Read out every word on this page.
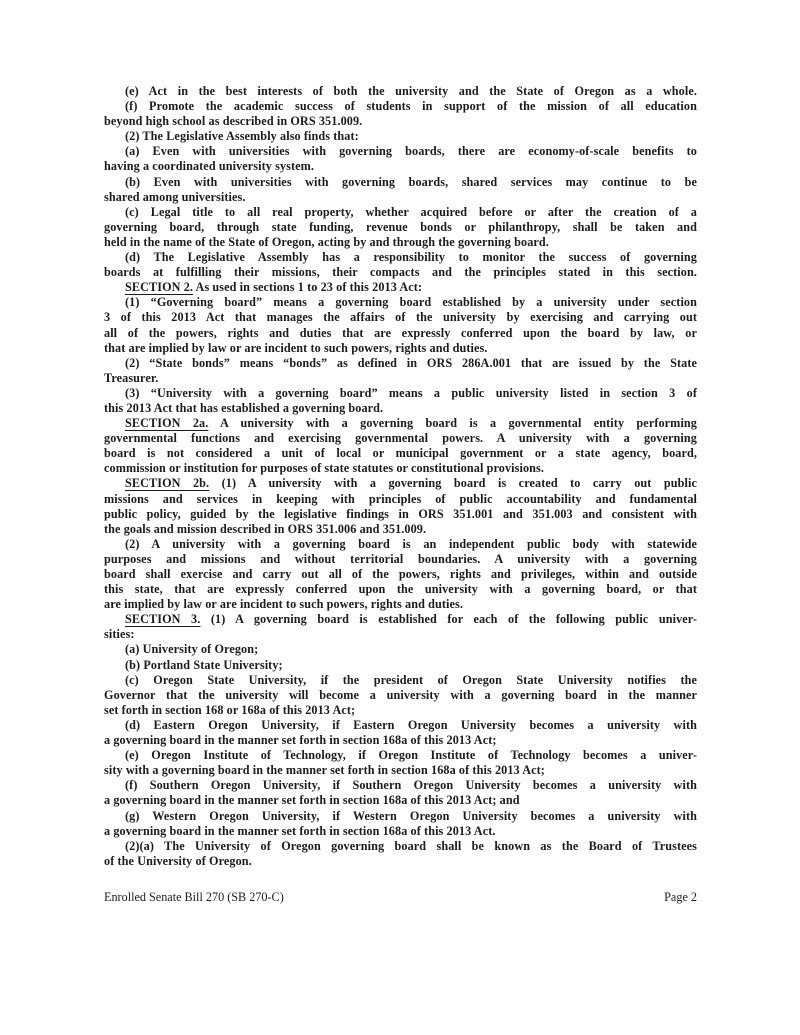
(e) Act in the best interests of both the university and the State of Oregon as a whole.
(f) Promote the academic success of students in support of the mission of all education
beyond high school as described in ORS 351.009.
(2) The Legislative Assembly also finds that:
(a) Even with universities with governing boards, there are economy-of-scale benefits to
having a coordinated university system.
(b) Even with universities with governing boards, shared services may continue to be
shared among universities.
(c) Legal title to all real property, whether acquired before or after the creation of a
governing board, through state funding, revenue bonds or philanthropy, shall be taken and
held in the name of the State of Oregon, acting by and through the governing board.
(d) The Legislative Assembly has a responsibility to monitor the success of governing
boards at fulfilling their missions, their compacts and the principles stated in this section.
SECTION 2. As used in sections 1 to 23 of this 2013 Act:
(1) “Governing board” means a governing board established by a university under section
3 of this 2013 Act that manages the affairs of the university by exercising and carrying out
all of the powers, rights and duties that are expressly conferred upon the board by law, or
that are implied by law or are incident to such powers, rights and duties.
(2) “State bonds” means “bonds” as defined in ORS 286A.001 that are issued by the State
Treasurer.
(3) “University with a governing board” means a public university listed in section 3 of
this 2013 Act that has established a governing board.
SECTION 2a. A university with a governing board is a governmental entity performing
governmental functions and exercising governmental powers. A university with a governing
board is not considered a unit of local or municipal government or a state agency, board,
commission or institution for purposes of state statutes or constitutional provisions.
SECTION 2b. (1) A university with a governing board is created to carry out public
missions and services in keeping with principles of public accountability and fundamental
public policy, guided by the legislative findings in ORS 351.001 and 351.003 and consistent with
the goals and mission described in ORS 351.006 and 351.009.
(2) A university with a governing board is an independent public body with statewide
purposes and missions and without territorial boundaries. A university with a governing
board shall exercise and carry out all of the powers, rights and privileges, within and outside
this state, that are expressly conferred upon the university with a governing board, or that
are implied by law or are incident to such powers, rights and duties.
SECTION 3. (1) A governing board is established for each of the following public univer-
sities:
(a) University of Oregon;
(b) Portland State University;
(c) Oregon State University, if the president of Oregon State University notifies the
Governor that the university will become a university with a governing board in the manner
set forth in section 168 or 168a of this 2013 Act;
(d) Eastern Oregon University, if Eastern Oregon University becomes a university with
a governing board in the manner set forth in section 168a of this 2013 Act;
(e) Oregon Institute of Technology, if Oregon Institute of Technology becomes a univer-
sity with a governing board in the manner set forth in section 168a of this 2013 Act;
(f) Southern Oregon University, if Southern Oregon University becomes a university with
a governing board in the manner set forth in section 168a of this 2013 Act; and
(g) Western Oregon University, if Western Oregon University becomes a university with
a governing board in the manner set forth in section 168a of this 2013 Act.
(2)(a) The University of Oregon governing board shall be known as the Board of Trustees
of the University of Oregon.
Enrolled Senate Bill 270 (SB 270-C)	Page 2
